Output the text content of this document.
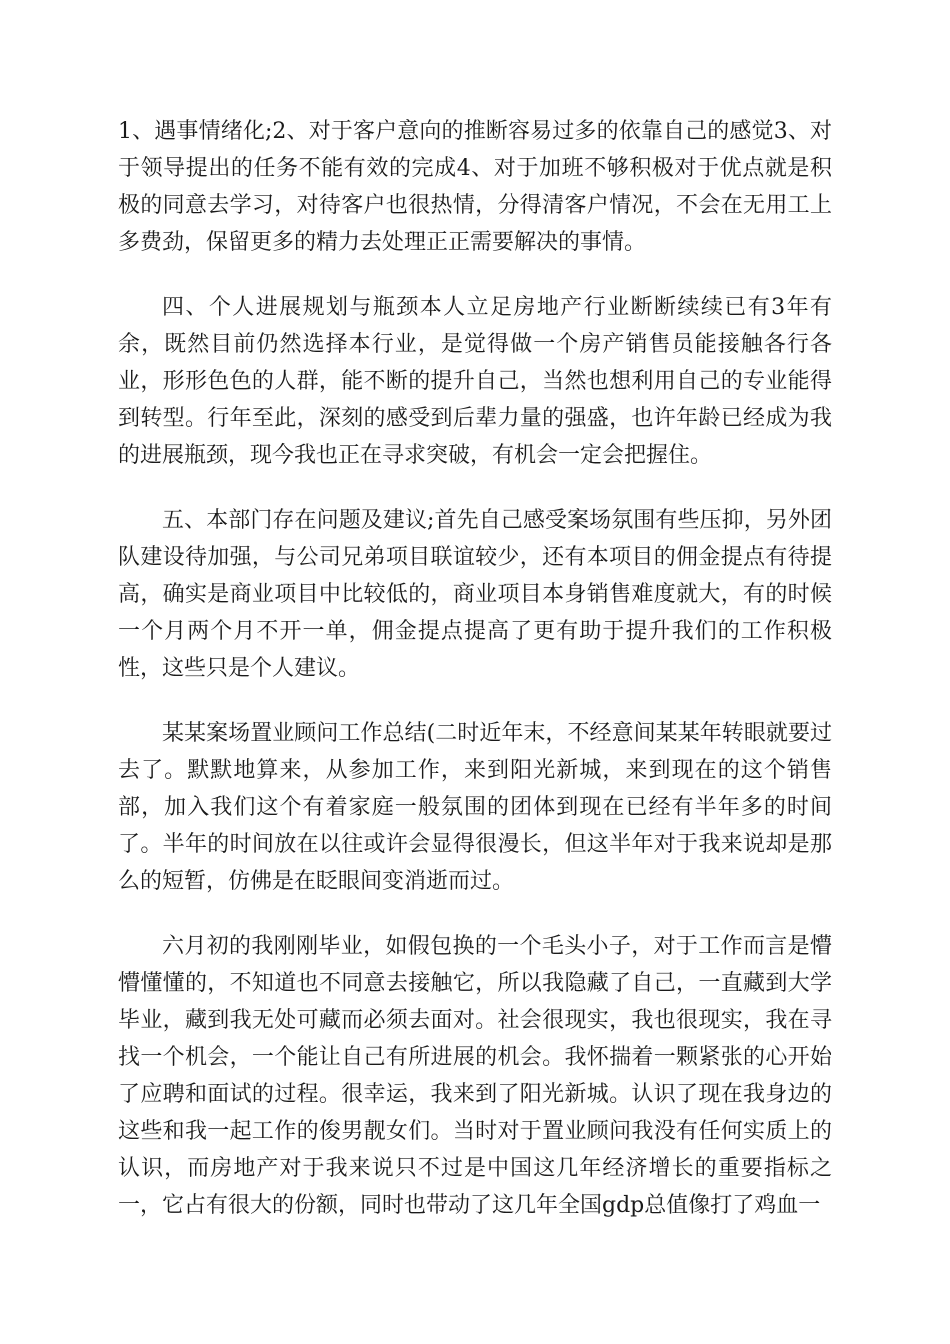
1、遇事情绪化;2、对于客户意向的推断容易过多的依靠自己的感觉3、对于领导提出的任务不能有效的完成4、对于加班不够积极对于优点就是积极的同意去学习，对待客户也很热情，分得清客户情况，不会在无用工上多费劲，保留更多的精力去处理正正需要解决的事情。

四、个人进展规划与瓶颈本人立足房地产行业断断续续已有3年有余，既然目前仍然选择本行业，是觉得做一个房产销售员能接触各行各业，形形色色的人群，能不断的提升自己，当然也想利用自己的专业能得到转型。行年至此，深刻的感受到后辈力量的强盛，也许年龄已经成为我的进展瓶颈，现今我也正在寻求突破，有机会一定会把握住。

五、本部门存在问题及建议;首先自己感受案场氛围有些压抑，另外团队建设待加强，与公司兄弟项目联谊较少，还有本项目的佣金提点有待提高，确实是商业项目中比较低的，商业项目本身销售难度就大，有的时候一个月两个月不开一单，佣金提点提高了更有助于提升我们的工作积极性，这些只是个人建议。

某某案场置业顾问工作总结(二时近年末，不经意间某某年转眼就要过去了。默默地算来，从参加工作，来到阳光新城，来到现在的这个销售部，加入我们这个有着家庭一般氛围的团体到现在已经有半年多的时间了。半年的时间放在以往或许会显得很漫长，但这半年对于我来说却是那么的短暂，仿佛是在眨眼间变消逝而过。

六月初的我刚刚毕业，如假包换的一个毛头小子，对于工作而言是懵懵懂懂的，不知道也不同意去接触它，所以我隐藏了自己，一直藏到大学毕业，藏到我无处可藏而必须去面对。社会很现实，我也很现实，我在寻找一个机会，一个能让自己有所进展的机会。我怀揣着一颗紧张的心开始了应聘和面试的过程。很幸运，我来到了阳光新城。认识了现在我身边的这些和我一起工作的俊男靓女们。当时对于置业顾问我没有任何实质上的认识，而房地产对于我来说只不过是中国这几年经济增长的重要指标之一，它占有很大的份额，同时也带动了这几年全国gdp总值像打了鸡血一
